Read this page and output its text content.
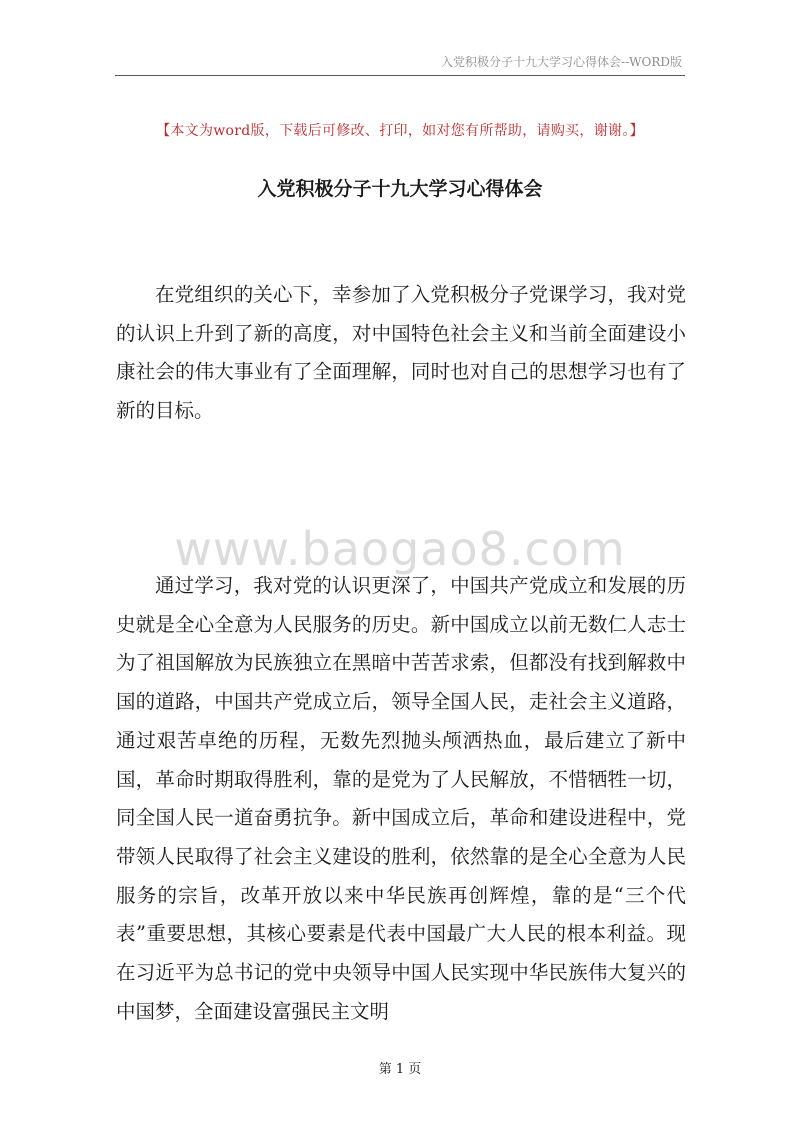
入党积极分子十九大学习心得体会--WORD版
【本文为word版，下载后可修改、打印，如对您有所帮助，请购买，谢谢。】
入党积极分子十九大学习心得体会

在党组织的关心下，幸参加了入党积极分子党课学习，我对党的认识上升到了新的高度，对中国特色社会主义和当前全面建设小康社会的伟大事业有了全面理解，同时也对自己的思想学习也有了新的目标。

www.baogao8.com

通过学习，我对党的认识更深了，中国共产党成立和发展的历史就是全心全意为人民服务的历史。新中国成立以前无数仁人志士为了祖国解放为民族独立在黑暗中苦苦求索，但都没有找到解救中国的道路，中国共产党成立后，领导全国人民，走社会主义道路，通过艰苦卓绝的历程，无数先烈抛头颅洒热血，最后建立了新中国，革命时期取得胜利，靠的是党为了人民解放，不惜牺牲一切，同全国人民一道奋勇抗争。新中国成立后，革命和建设进程中，党带领人民取得了社会主义建设的胜利，依然靠的是全心全意为人民服务的宗旨，改革开放以来中华民族再创辉煌，靠的是“三个代表”重要思想，其核心要素是代表中国最广大人民的根本利益。现在习近平为总书记的党中央领导中国人民实现中华民族伟大复兴的中国梦，全面建设富强民主文明

第 1 页
